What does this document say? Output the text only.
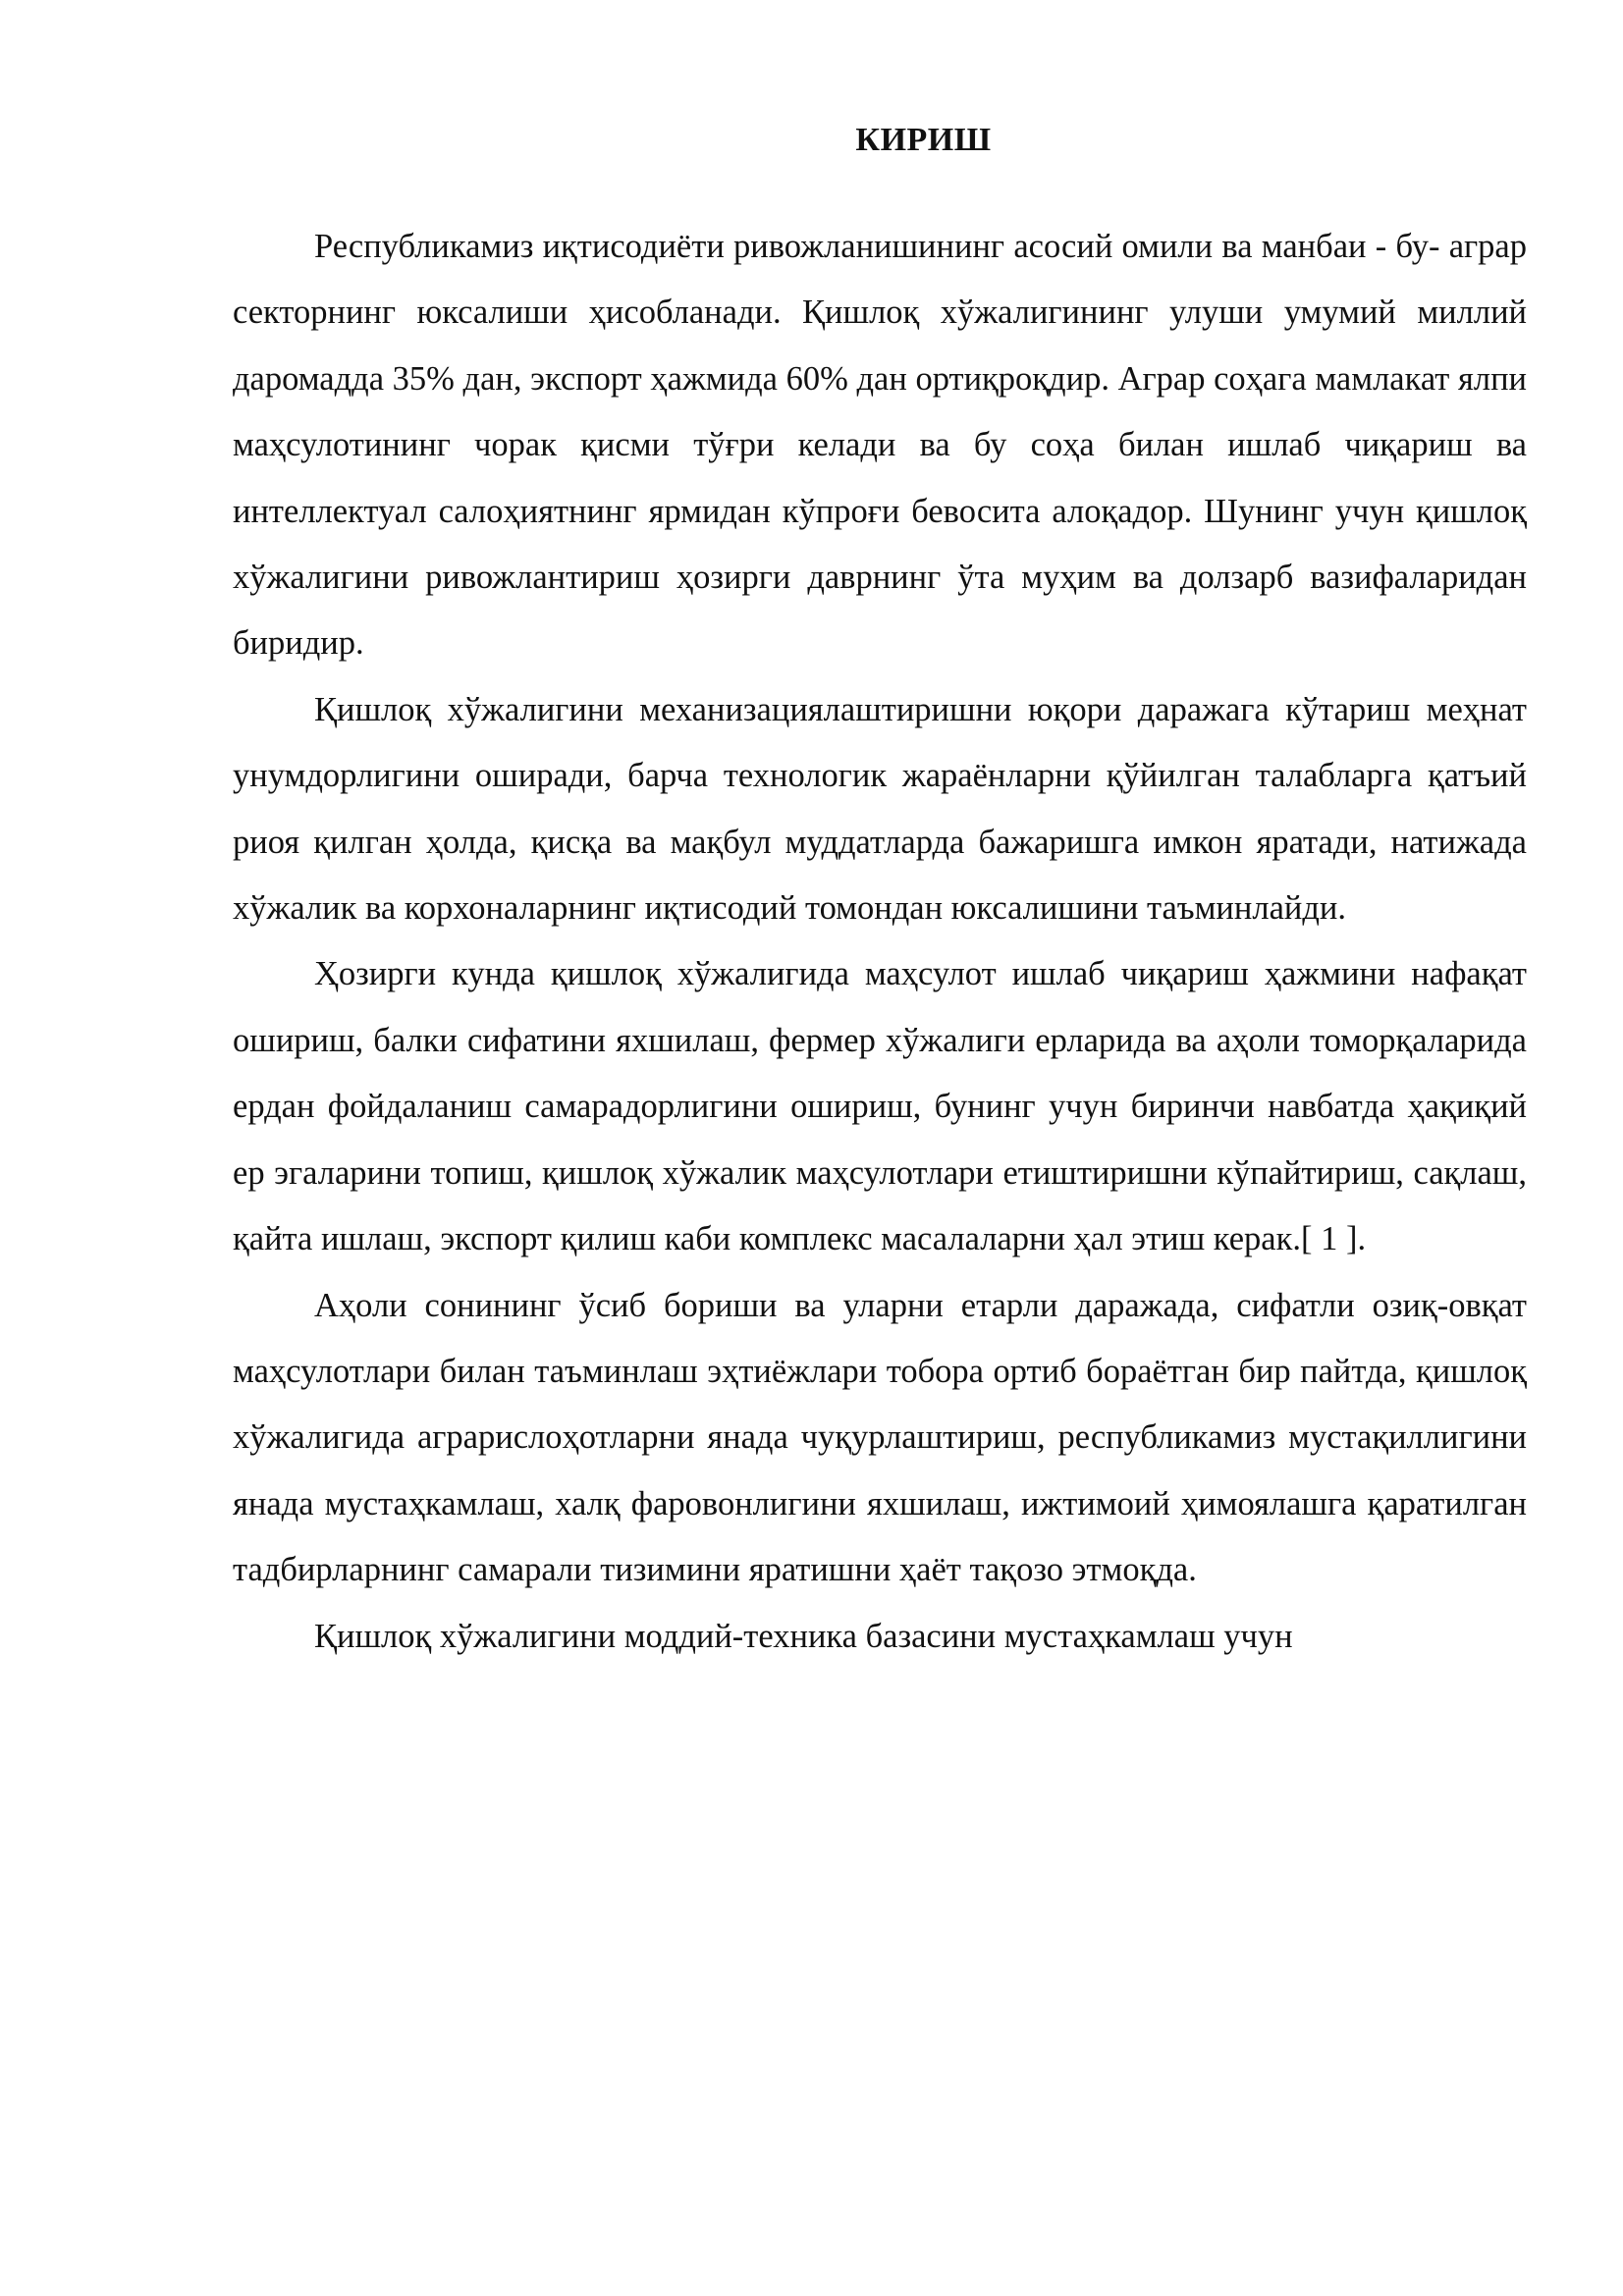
КИРИШ

Республикамиз иқтисодиёти ривожланишининг асосий омили ва манбаи - бу- аграр секторнинг юксалиши ҳисобланади. Қишлоқ хўжалигининг улуши умумий миллий даромадда 35% дан, экспорт ҳажмида 60% дан ортиқроқдир. Аграр соҳага мамлакат ялпи маҳсулотининг чорак қисми тўғри келади ва бу соҳа билан ишлаб чиқариш ва интеллектуал салоҳиятнинг ярмидан кўпроғи бевосита алоқадор. Шунинг учун қишлоқ хўжалигини ривожлантириш ҳозирги даврнинг ўта муҳим ва долзарб вазифаларидан биридир.

Қишлоқ хўжалигини механизациялаштиришни юқори даражага кўтариш меҳнат унумдорлигини оширади, барча технологик жараёнларни қўйилган талабларга қатъий риоя қилган ҳолда, қисқа ва мақбул муддатларда бажаришга имкон яратади, натижада хўжалик ва корхоналарнинг иқтисодий томондан юксалишини таъминлайди.

Ҳозирги кунда қишлоқ хўжалигида маҳсулот ишлаб чиқариш ҳажмини нафақат ошириш, балки сифатини яхшилаш, фермер хўжалиги ерларида ва аҳоли томорқаларида ердан фойдаланиш самарадорлигини ошириш, бунинг учун биринчи навбатда ҳақиқий ер эгаларини топиш, қишлоқ хўжалик маҳсулотлари етиштиришни кўпайтириш, сақлаш, қайта ишлаш, экспорт қилиш каби комплекс масалаларни ҳал этиш керак.[ 1 ].

Аҳоли сонининг ўсиб бориши ва уларни етарли даражада, сифатли озиқ-овқат маҳсулотлари билан таъминлаш эҳтиёжлари тобора ортиб бораётган бир пайтда, қишлоқ хўжалигида аграрислоҳотларни янада чуқурлаштириш, республикамиз мустақиллигини янада мустаҳкамлаш, халқ фаровонлигини яхшилаш, ижтимоий ҳимоялашга қаратилган тадбирларнинг самарали тизимини яратишни ҳаёт тақозо этмоқда.

Қишлоқ хўжалигини моддий-техника базасини мустаҳкамлаш учун
